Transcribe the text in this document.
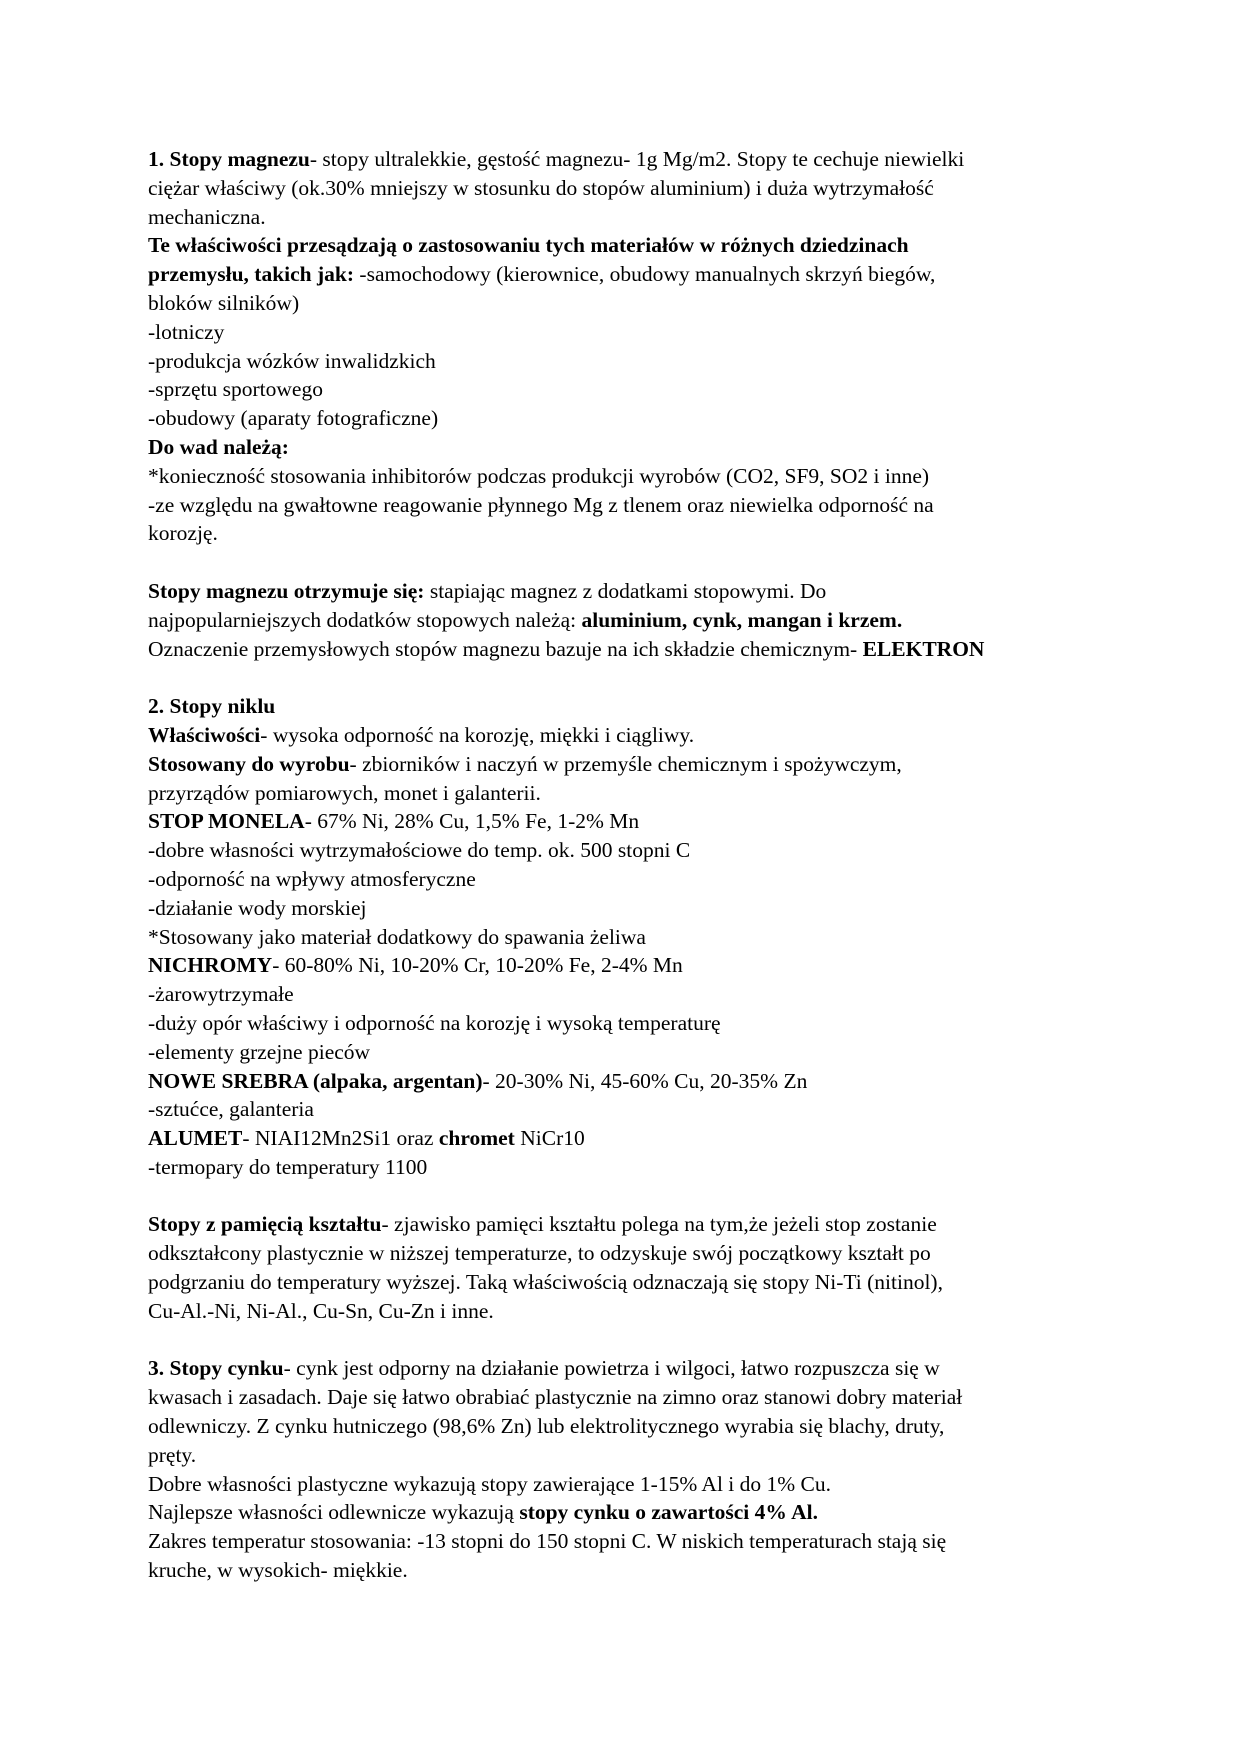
1. Stopy magnezu- stopy ultralekkie, gęstość magnezu- 1g Mg/m2. Stopy te cechuje niewielki
ciężar właściwy (ok.30% mniejszy w stosunku do stopów aluminium) i duża wytrzymałość
mechaniczna.
Te właściwości przesądzają o zastosowaniu tych materiałów w różnych dziedzinach
przemysłu, takich jak: -samochodowy (kierownice, obudowy manualnych skrzyń biegów,
bloków silników)
-lotniczy
-produkcja wózków inwalidzkich
-sprzętu sportowego
-obudowy (aparaty fotograficzne)
Do wad należą:
*konieczność stosowania inhibitorów podczas produkcji wyrobów (CO2, SF9, SO2 i inne)
-ze względu na gwałtowne reagowanie płynnego Mg z tlenem oraz niewielka odporność na
korozję.
Stopy magnezu otrzymuje się: stapiając magnez z dodatkami stopowymi. Do
najpopularniejszych dodatków stopowych należą: aluminium, cynk, mangan i krzem.
Oznaczenie przemysłowych stopów magnezu bazuje na ich składzie chemicznym- ELEKTRON
2. Stopy niklu
Właściwości- wysoka odporność na korozję, miękki i ciągliwy.
Stosowany do wyrobu- zbiorników i naczyń w przemyśle chemicznym i spożywczym,
przyrządów pomiarowych, monet i galanterii.
STOP MONELA- 67% Ni, 28% Cu, 1,5% Fe, 1-2% Mn
-dobre własności wytrzymałościowe do temp. ok. 500 stopni C
-odporność na wpływy atmosferyczne
-działanie wody morskiej
*Stosowany jako materiał dodatkowy do spawania żeliwa
NICHROMY- 60-80% Ni, 10-20% Cr, 10-20% Fe, 2-4% Mn
-żarowytrzymałe
-duży opór właściwy i odporność na korozję i wysoką temperaturę
-elementy grzejne pieców
NOWE SREBRA (alpaka, argentan)- 20-30% Ni, 45-60% Cu, 20-35% Zn
-sztućce, galanteria
ALUMET- NIAI12Mn2Si1 oraz chromet NiCr10
-termopary do temperatury 1100
Stopy z pamięcią kształtu- zjawisko pamięci kształtu polega na tym,że jeżeli stop zostanie
odkształcony plastycznie w niższej temperaturze, to odzyskuje swój początkowy kształt po
podgrzaniu do temperatury wyższej. Taką właściwością odznaczają się stopy Ni-Ti (nitinol),
Cu-Al.-Ni, Ni-Al., Cu-Sn, Cu-Zn i inne.
3. Stopy cynku- cynk jest odporny na działanie powietrza i wilgoci, łatwo rozpuszcza się w
kwasach i zasadach. Daje się łatwo obrabiać plastycznie na zimno oraz stanowi dobry materiał
odlewniczy. Z cynku hutniczego (98,6% Zn) lub elektrolitycznego wyrabia się blachy, druty,
pręty.
Dobre własności plastyczne wykazują stopy zawierające 1-15% Al i do 1% Cu.
Najlepsze własności odlewnicze wykazują stopy cynku o zawartości 4% Al.
Zakres temperatur stosowania: -13 stopni do 150 stopni C. W niskich temperaturach stają się
kruche, w wysokich- miękkie.
